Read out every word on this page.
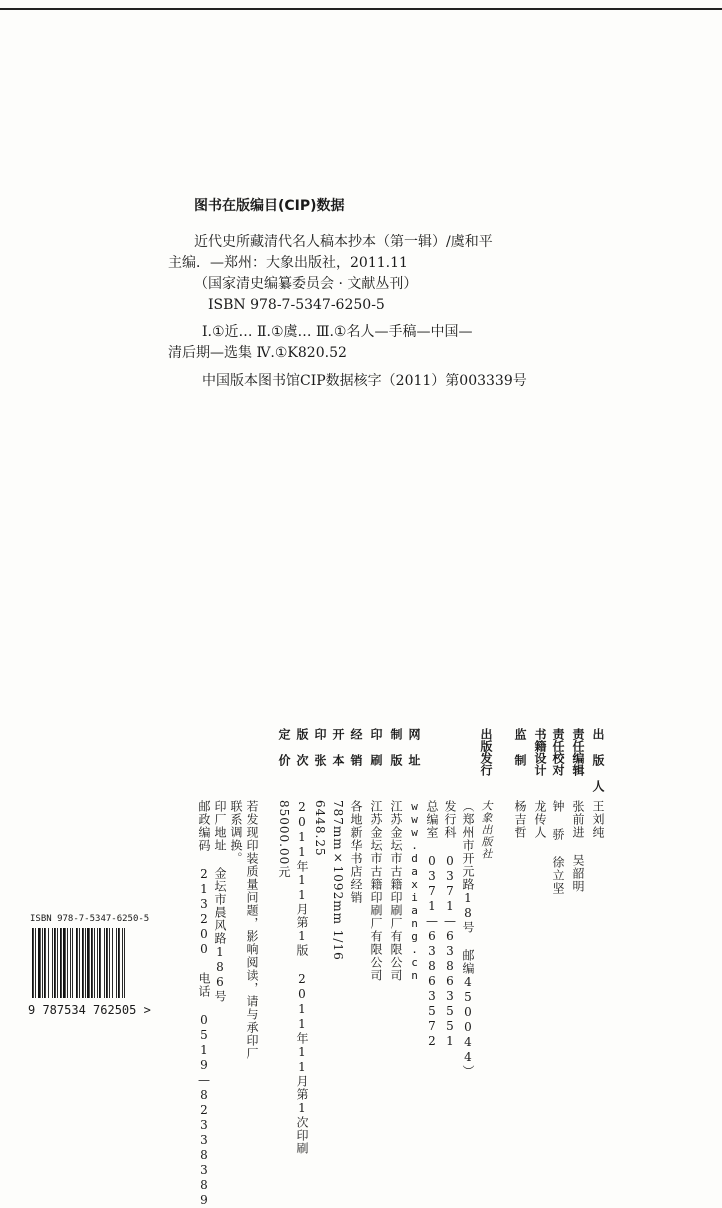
图书在版编目(CIP)数据
近代史所藏清代名人稿本抄本（第一辑）/虞和平
主编．—郑州：大象出版社，2011.11
（国家清史编纂委员会 · 文献丛刊）
ISBN 978-7-5347-6250-5
Ⅰ.①近… Ⅱ.①虞… Ⅲ.①名人—手稿—中国—
清后期—选集 Ⅳ.①K820.52
中国版本图书馆CIP数据核字（2011）第003339号
出 版 人
王刘纯
责任编辑
张前进 吴韶明
责任校对
钟 骄 徐立坚
书籍设计
龙传人
监 制
杨吉哲
出版发行
大象出版社
（郑州市开元路18号 邮编450044）
发行科 0371—63863551
总编室 0371—63863572
网 址
www.daxiang.cn
制 版
江苏金坛市古籍印刷厂有限公司
印 刷
江苏金坛市古籍印刷厂有限公司
经 销
各地新华书店经销
开 本
787mm×1092mm 1/16
印 张
6448.25
版 次
2011年11月第1版 2011年11月第1次印刷
定 价
85000.00元
若发现印装质量问题，影响阅读，请与承印厂
联系调换。
印厂地址 金坛市晨风路186号
邮政编码 213200 电话 0519—82338389
ISBN 978-7-5347-6250-5
9 787534 762505 >
